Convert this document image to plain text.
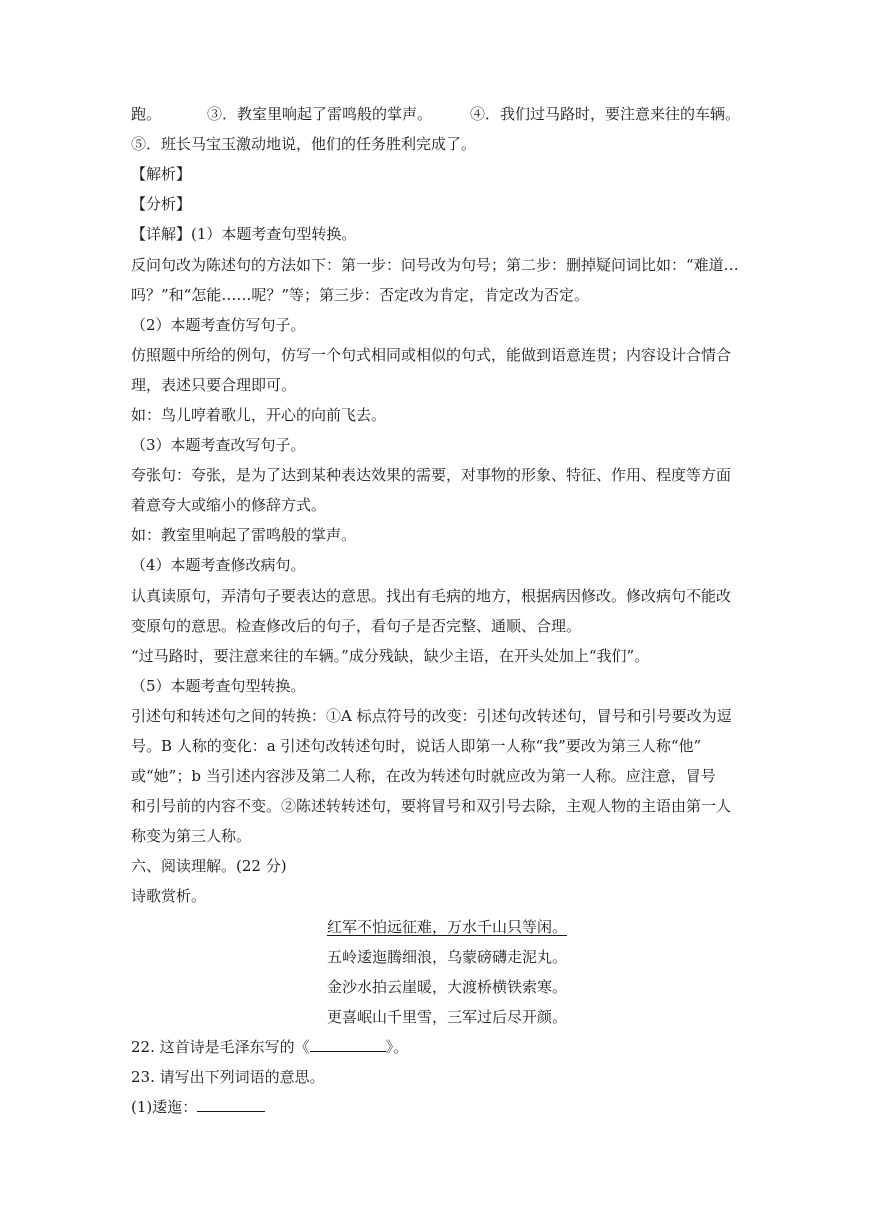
跑。	③．教室里响起了雷鸣般的掌声。	④．我们过马路时，要注意来往的车辆。
⑤．班长马宝玉激动地说，他们的任务胜利完成了。
【解析】
【分析】
【详解】(1）本题考查句型转换。
反问句改为陈述句的方法如下：第一步：问号改为句号；第二步：删掉疑问词比如：“难道…
吗？”和“怎能……呢？”等；第三步：否定改为肯定，肯定改为否定。
（2）本题考查仿写句子。
仿照题中所给的例句，仿写一个句式相同或相似的句式，能做到语意连贯；内容设计合情合
理，表述只要合理即可。
如：鸟儿哼着歌儿，开心的向前飞去。
（3）本题考查改写句子。
夸张句：夸张，是为了达到某种表达效果的需要，对事物的形象、特征、作用、程度等方面
着意夸大或缩小的修辞方式。
如：教室里响起了雷鸣般的掌声。
（4）本题考查修改病句。
认真读原句，弄清句子要表达的意思。找出有毛病的地方，根据病因修改。修改病句不能改
变原句的意思。检查修改后的句子，看句子是否完整、通顺、合理。
“过马路时，要注意来往的车辆。”成分残缺，缺少主语，在开头处加上“我们”。
（5）本题考查句型转换。
引述句和转述句之间的转换：①A 标点符号的改变：引述句改转述句，冒号和引号要改为逗
号。B 人称的变化：a 引述句改转述句时，说话人即第一人称“我”要改为第三人称“他”
或“她”；b 当引述内容涉及第二人称，在改为转述句时就应改为第一人称。应注意，冒号
和引号前的内容不变。②陈述转转述句，要将冒号和双引号去除，主观人物的主语由第一人
称变为第三人称。
六、阅读理解。(22 分)
诗歌赏析。
红军不怕远征难，万水千山只等闲。
五岭逶迤腾细浪，乌蒙磅礴走泥丸。
金沙水拍云崖暖，大渡桥横铁索寒。
更喜岷山千里雪，三军过后尽开颜。
22. 这首诗是毛泽东写的《	》。
23. 请写出下列词语的意思。
(1)逶迤：
